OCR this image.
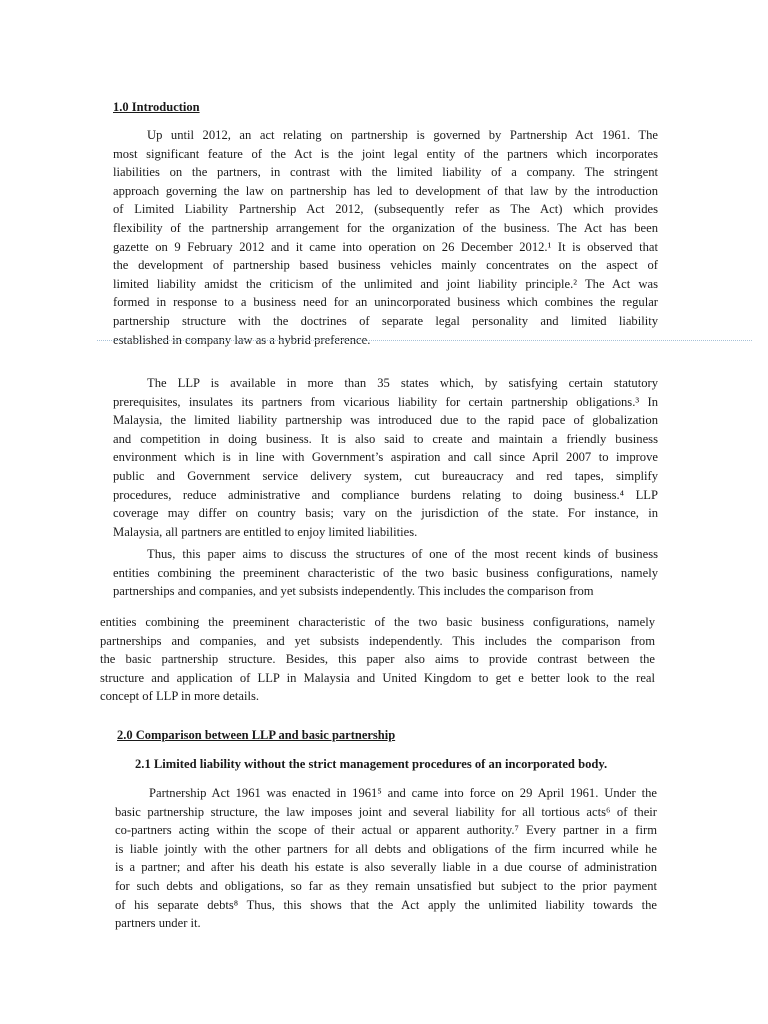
1.0 Introduction
Up until 2012, an act relating on partnership is governed by Partnership Act 1961. The
most significant feature of the Act is the joint legal entity of the partners which incorporates
liabilities on the partners, in contrast with the limited liability of a company. The stringent
approach governing the law on partnership has led to development of that law by the introduction
of Limited Liability Partnership Act 2012, (subsequently refer as The Act) which provides
flexibility of the partnership arrangement for the organization of the business. The Act has been
gazette on 9 February 2012 and it came into operation on 26 December 2012.¹ It is observed that
the development of partnership based business vehicles mainly concentrates on the aspect of
limited liability amidst the criticism of the unlimited and joint liability principle.² The Act was
formed in response to a business need for an unincorporated business which combines the regular
partnership structure with the doctrines of separate legal personality and limited liability
established in company law as a hybrid preference.
The LLP is available in more than 35 states which, by satisfying certain statutory
prerequisites, insulates its partners from vicarious liability for certain partnership obligations.³ In
Malaysia, the limited liability partnership was introduced due to the rapid pace of globalization
and competition in doing business. It is also said to create and maintain a friendly business
environment which is in line with Government’s aspiration and call since April 2007 to improve
public and Government service delivery system, cut bureaucracy and red tapes, simplify
procedures, reduce administrative and compliance burdens relating to doing business.⁴ LLP
coverage may differ on country basis; vary on the jurisdiction of the state. For instance, in
Malaysia, all partners are entitled to enjoy limited liabilities.
Thus, this paper aims to discuss the structures of one of the most recent kinds of business
entities combining the preeminent characteristic of the two basic business configurations, namely
partnerships and companies, and yet subsists independently. This includes the comparison from
entities combining the preeminent characteristic of the two basic business configurations, namely
partnerships and companies, and yet subsists independently. This includes the comparison from
the basic partnership structure. Besides, this paper also aims to provide contrast between the
structure and application of LLP in Malaysia and United Kingdom to get e better look to the real
concept of LLP in more details.
2.0 Comparison between LLP and basic partnership
2.1 Limited liability without the strict management procedures of an incorporated body.
Partnership Act 1961 was enacted in 1961⁵ and came into force on 29 April 1961. Under the
basic partnership structure, the law imposes joint and several liability for all tortious acts⁶ of their
co-partners acting within the scope of their actual or apparent authority.⁷ Every partner in a firm
is liable jointly with the other partners for all debts and obligations of the firm incurred while he
is a partner; and after his death his estate is also severally liable in a due course of administration
for such debts and obligations, so far as they remain unsatisfied but subject to the prior payment
of his separate debts⁸ Thus, this shows that the Act apply the unlimited liability towards the
partners under it.
